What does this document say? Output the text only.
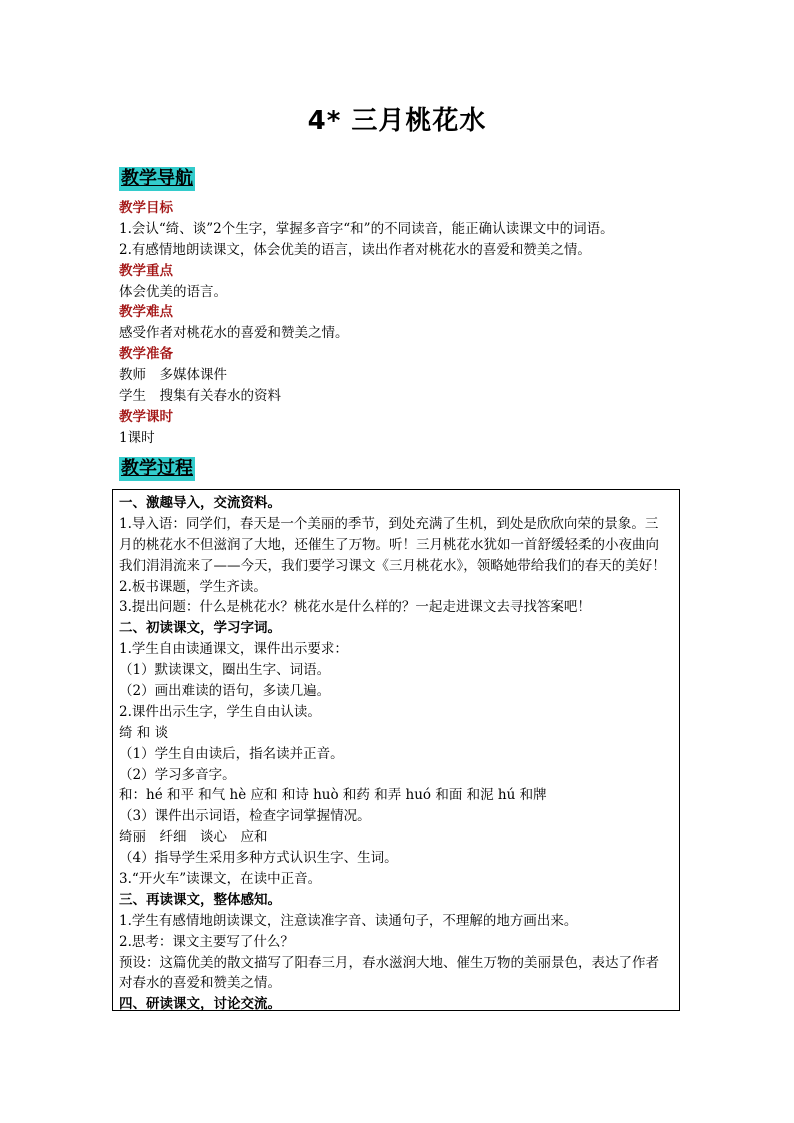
4* 三月桃花水
教学导航
教学目标
1.会认“绮、谈”2个生字，掌握多音字“和”的不同读音，能正确认读课文中的词语。
2.有感情地朗读课文，体会优美的语言，读出作者对桃花水的喜爱和赞美之情。
教学重点
体会优美的语言。
教学难点
感受作者对桃花水的喜爱和赞美之情。
教学准备
教师　多媒体课件
学生　搜集有关春水的资料
教学课时
1课时
教学过程
一、激趣导入，交流资料。
1.导入语：同学们，春天是一个美丽的季节，到处充满了生机，到处是欣欣向荣的景象。三
月的桃花水不但滋润了大地，还催生了万物。听！三月桃花水犹如一首舒缓轻柔的小夜曲向
我们涓涓流来了——今天，我们要学习课文《三月桃花水》，领略她带给我们的春天的美好！
2.板书课题，学生齐读。
3.提出问题：什么是桃花水？桃花水是什么样的？一起走进课文去寻找答案吧！
二、初读课文，学习字词。
1.学生自由读通课文，课件出示要求：
（1）默读课文，圈出生字、词语。
（2）画出难读的语句，多读几遍。
2.课件出示生字，学生自由认读。
绮 和 谈
（1）学生自由读后，指名读并正音。
（2）学习多音字。
和：hé 和平 和气 hè 应和 和诗 huò 和药 和弄 huó 和面 和泥 hú 和牌
（3）课件出示词语，检查字词掌握情况。
绮丽　纤细　谈心　应和
（4）指导学生采用多种方式认识生字、生词。
3.“开火车”读课文，在读中正音。
三、再读课文，整体感知。
1.学生有感情地朗读课文，注意读准字音、读通句子，不理解的地方画出来。
2.思考：课文主要写了什么？
预设：这篇优美的散文描写了阳春三月，春水滋润大地、催生万物的美丽景色，表达了作者
对春水的喜爱和赞美之情。
四、研读课文，讨论交流。
